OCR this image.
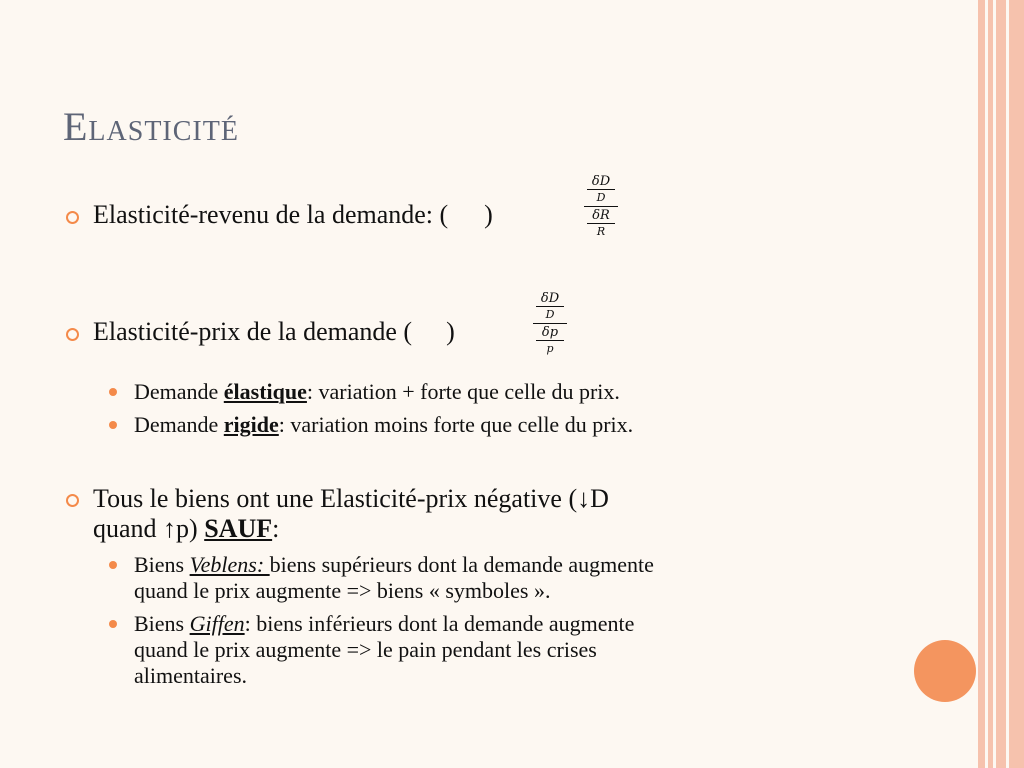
Elasticité
Elasticité-revenu de la demande: ( )
δD
D
δR
R
Elasticité-prix de la demande ( )
δD
D
δp
p
Demande élastique: variation + forte que celle du prix.
Demande rigide: variation moins forte que celle du prix.
Tous le biens ont une Elasticité-prix négative (↓D
quand ↑p) SAUF:
Biens Veblens: biens supérieurs dont la demande augmente
quand le prix augmente => biens « symboles ».
Biens Giffen: biens inférieurs dont la demande augmente
quand le prix augmente => le pain pendant les crises
alimentaires.
